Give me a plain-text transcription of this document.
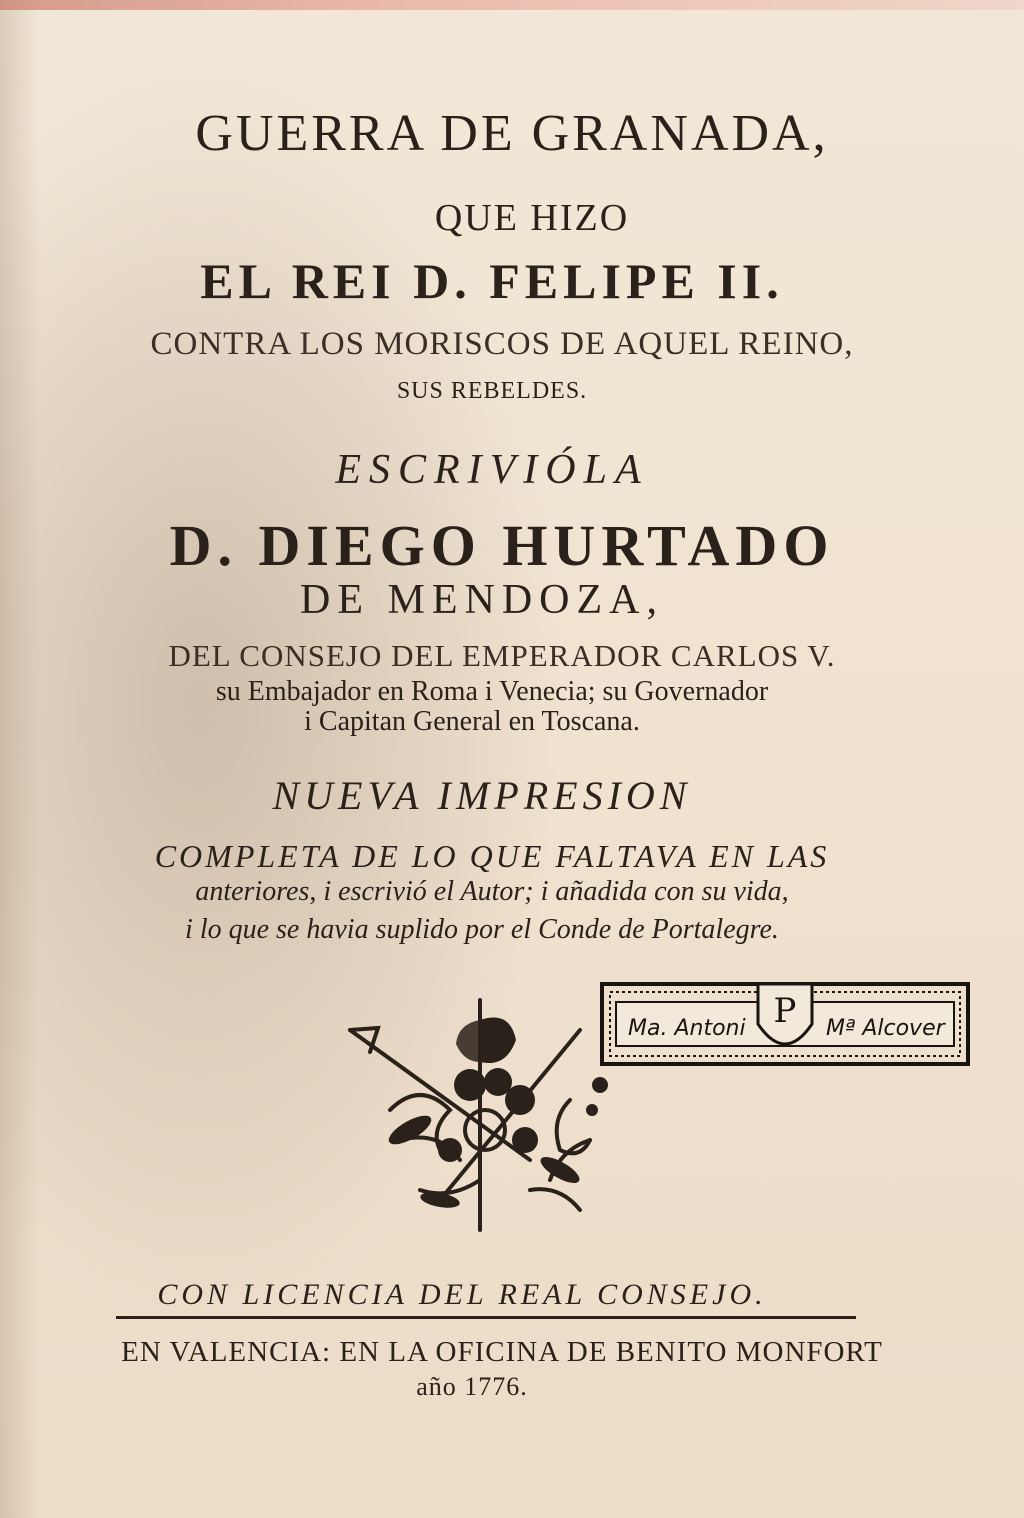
GUERRA DE GRANADA,
QUE HIZO
EL REI D. FELIPE II.
CONTRA LOS MORISCOS DE AQUEL REINO,
SUS REBELDES.
ESCRIVIÓLA
D. DIEGO HURTADO
DE MENDOZA,
DEL CONSEJO DEL EMPERADOR CARLOS V.
su Embajador en Roma i Venecia; su Governador
i Capitan General en Toscana.
NUEVA IMPRESION
COMPLETA DE LO QUE FALTAVA EN LAS
anteriores, i escrivió el Autor; i añadida con su vida,
i lo que se havia suplido por el Conde de Portalegre.
P
Ma. Antoni	Mª Alcover
CON LICENCIA DEL REAL CONSEJO.
EN VALENCIA: EN LA OFICINA DE BENITO MONFORT
año 1776.
